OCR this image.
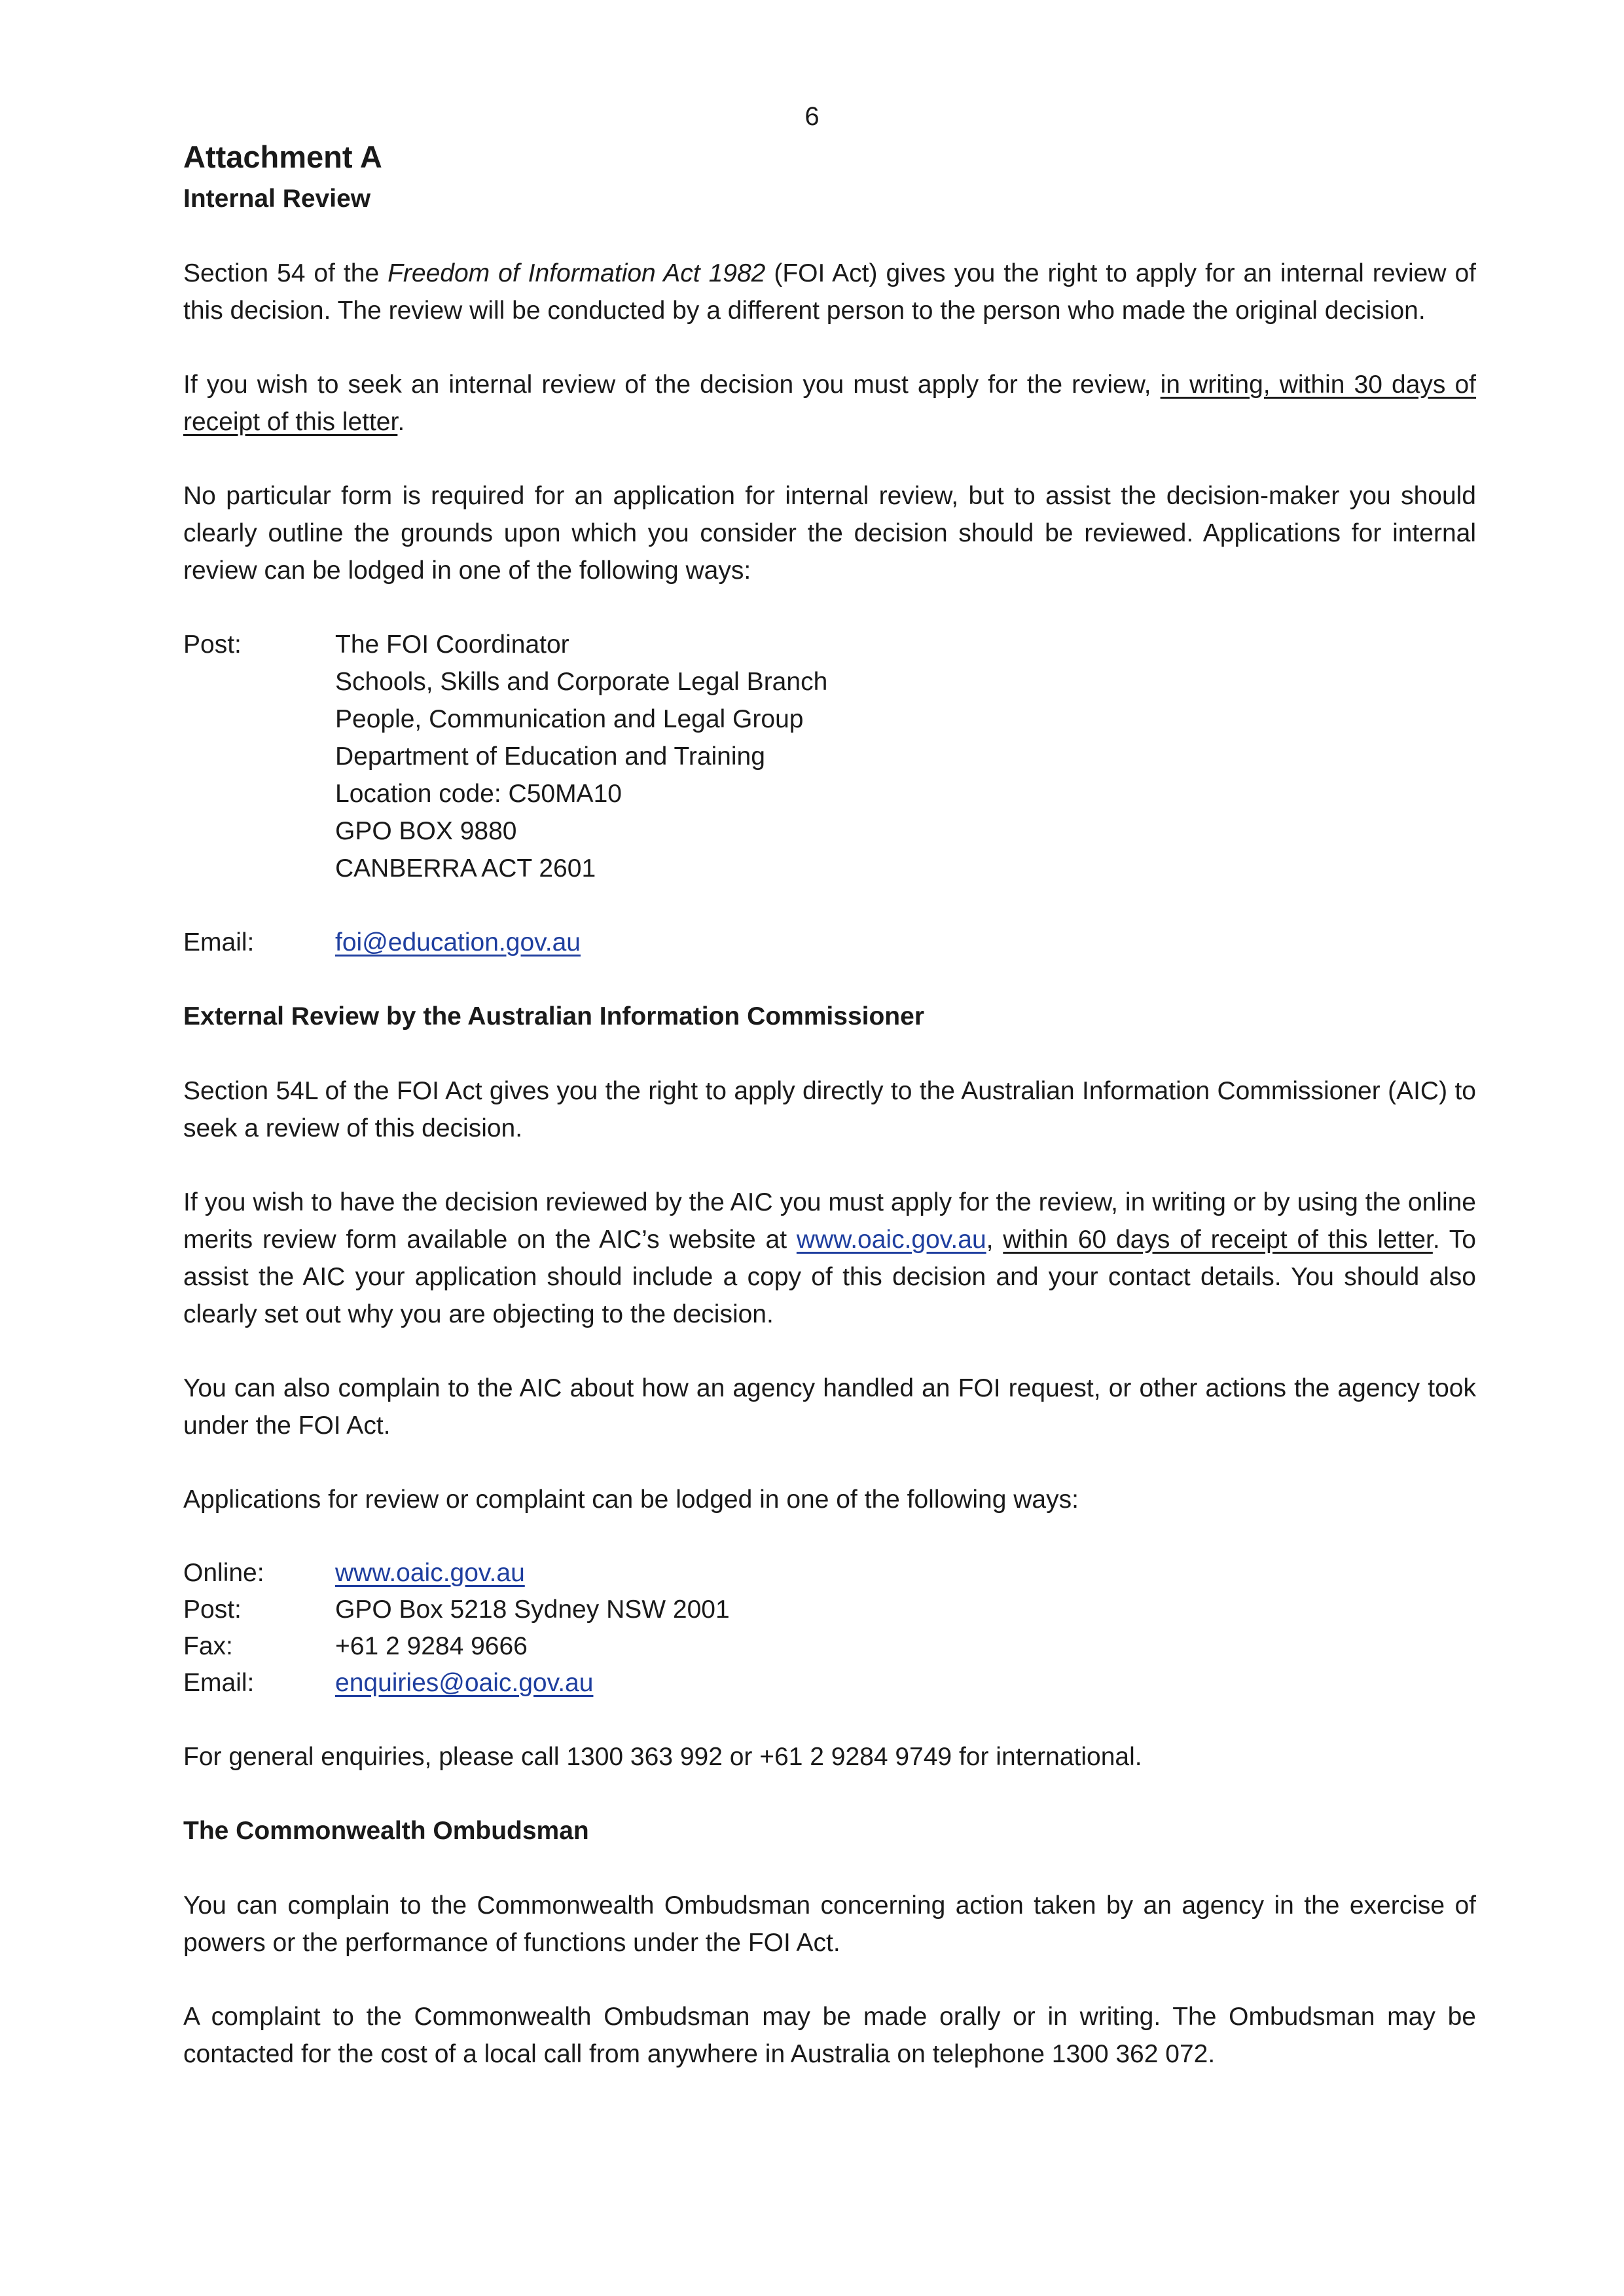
6
Attachment A
Internal Review

Section 54 of the Freedom of Information Act 1982 (FOI Act) gives you the right to apply for an internal review of this decision. The review will be conducted by a different person to the person who made the original decision.

If you wish to seek an internal review of the decision you must apply for the review, in writing, within 30 days of receipt of this letter.

No particular form is required for an application for internal review, but to assist the decision-maker you should clearly outline the grounds upon which you consider the decision should be reviewed. Applications for internal review can be lodged in one of the following ways:

Post:	The FOI Coordinator
Schools, Skills and Corporate Legal Branch
People, Communication and Legal Group
Department of Education and Training
Location code: C50MA10
GPO BOX 9880
CANBERRA ACT 2601
Email:	foi@education.gov.au
External Review by the Australian Information Commissioner

Section 54L of the FOI Act gives you the right to apply directly to the Australian Information Commissioner (AIC) to seek a review of this decision.

If you wish to have the decision reviewed by the AIC you must apply for the review, in writing or by using the online merits review form available on the AIC’s website at www.oaic.gov.au, within 60 days of receipt of this letter. To assist the AIC your application should include a copy of this decision and your contact details. You should also clearly set out why you are objecting to the decision.

You can also complain to the AIC about how an agency handled an FOI request, or other actions the agency took under the FOI Act.

Applications for review or complaint can be lodged in one of the following ways:

Online:	www.oaic.gov.au
Post:	GPO Box 5218 Sydney NSW 2001
Fax:	+61 2 9284 9666
Email:	enquiries@oaic.gov.au

For general enquiries, please call 1300 363 992 or +61 2 9284 9749 for international.

The Commonwealth Ombudsman

You can complain to the Commonwealth Ombudsman concerning action taken by an agency in the exercise of powers or the performance of functions under the FOI Act.

A complaint to the Commonwealth Ombudsman may be made orally or in writing. The Ombudsman may be contacted for the cost of a local call from anywhere in Australia on telephone 1300 362 072.
